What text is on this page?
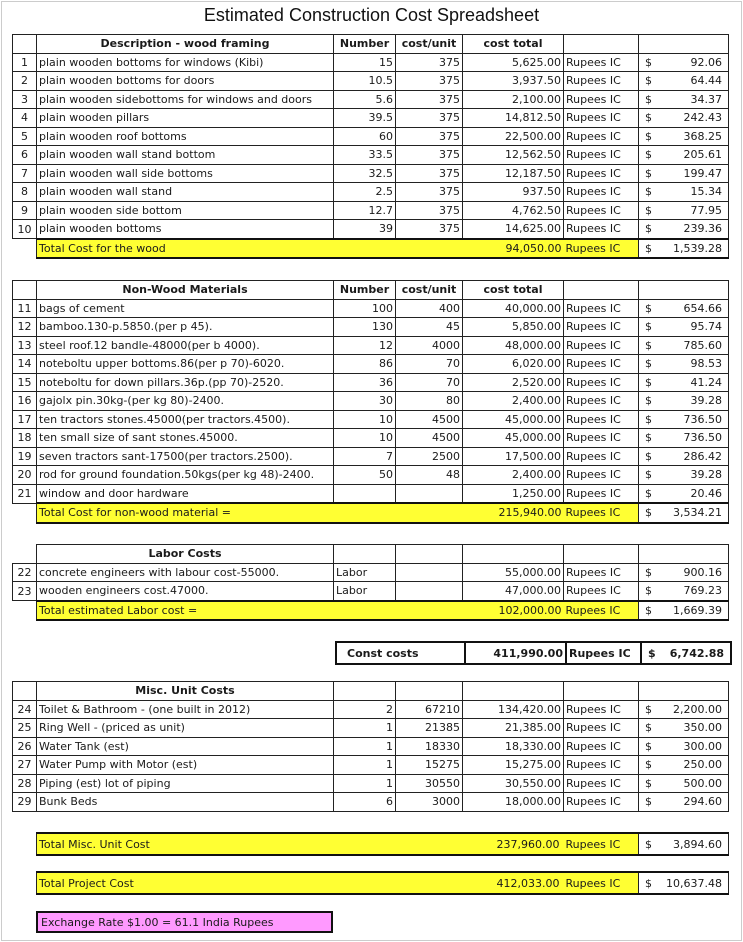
Estimated Construction Cost Spreadsheet
	Description - wood framing	Number	cost/unit	cost total		
1	plain wooden bottoms for windows (Kibi)	15	375	5,625.00	Rupees IC	$ 92.06

2	plain wooden bottoms for doors	10.5	375	3,937.50	Rupees IC	$ 64.44

3	plain wooden sidebottoms for windows and doors	5.6	375	2,100.00	Rupees IC	$ 34.37

4	plain wooden pillars	39.5	375	14,812.50	Rupees IC	$ 242.43

5	plain wooden roof bottoms	60	375	22,500.00	Rupees IC	$ 368.25

6	plain wooden wall stand bottom	33.5	375	12,562.50	Rupees IC	$ 205.61

7	plain wooden wall side bottoms	32.5	375	12,187.50	Rupees IC	$ 199.47

8	plain wooden wall stand	2.5	375	937.50	Rupees IC	$ 15.34

9	plain wooden side bottom	12.7	375	4,762.50	Rupees IC	$ 77.95

10	plain wooden bottoms	39	375	14,625.00	Rupees IC	$ 239.36

	Total Cost for the wood			94,050.00	Rupees IC	$ 1,539.28
	Non-Wood Materials	Number	cost/unit	cost total		
11	bags of cement	100	400	40,000.00	Rupees IC	$ 654.66

12	bamboo.130-p.5850.(per p 45).	130	45	5,850.00	Rupees IC	$ 95.74

13	steel roof.12 bandle-48000(per b 4000).	12	4000	48,000.00	Rupees IC	$ 785.60

14	noteboltu upper bottoms.86(per p 70)-6020.	86	70	6,020.00	Rupees IC	$ 98.53

15	noteboltu for down pillars.36p.(pp 70)-2520.	36	70	2,520.00	Rupees IC	$ 41.24

16	gajolx pin.30kg-(per kg 80)-2400.	30	80	2,400.00	Rupees IC	$ 39.28

17	ten tractors stones.45000(per tractors.4500).	10	4500	45,000.00	Rupees IC	$ 736.50

18	ten small size of sant stones.45000.	10	4500	45,000.00	Rupees IC	$ 736.50

19	seven tractors sant-17500(per tractors.2500).	7	2500	17,500.00	Rupees IC	$ 286.42

20	rod for ground foundation.50kgs(per kg 48)-2400.	50	48	2,400.00	Rupees IC	$ 39.28

21	window and door hardware			1,250.00	Rupees IC	$ 20.46

	Total Cost for non-wood material =			215,940.00	Rupees IC	$ 3,534.21
	Labor Costs					
22	concrete engineers with labour cost-55000.	Labor		55,000.00	Rupees IC	$ 900.16

23	wooden engineers cost.47000.	Labor		47,000.00	Rupees IC	$ 769.23

	Total estimated Labor cost =			102,000.00	Rupees IC	$ 1,669.39
Const costs	411,990.00	Rupees IC	$ 6,742.88
	Misc. Unit Costs					
24	Toilet & Bathroom - (one built in 2012)	2	67210	134,420.00	Rupees IC	$ 2,200.00

25	Ring Well - (priced as unit)	1	21385	21,385.00	Rupees IC	$ 350.00

26	Water Tank (est)	1	18330	18,330.00	Rupees IC	$ 300.00

27	Water Pump with Motor (est)	1	15275	15,275.00	Rupees IC	$ 250.00

28	Piping (est) lot of piping	1	30550	30,550.00	Rupees IC	$ 500.00

29	Bunk Beds	6	3000	18,000.00	Rupees IC	$ 294.60
Total Misc. Unit Cost	237,960.00	Rupees IC	$ 3,894.60
Total Project Cost	412,033.00	Rupees IC	$ 10,637.48
Exchange Rate $1.00 = 61.1 India Rupees
